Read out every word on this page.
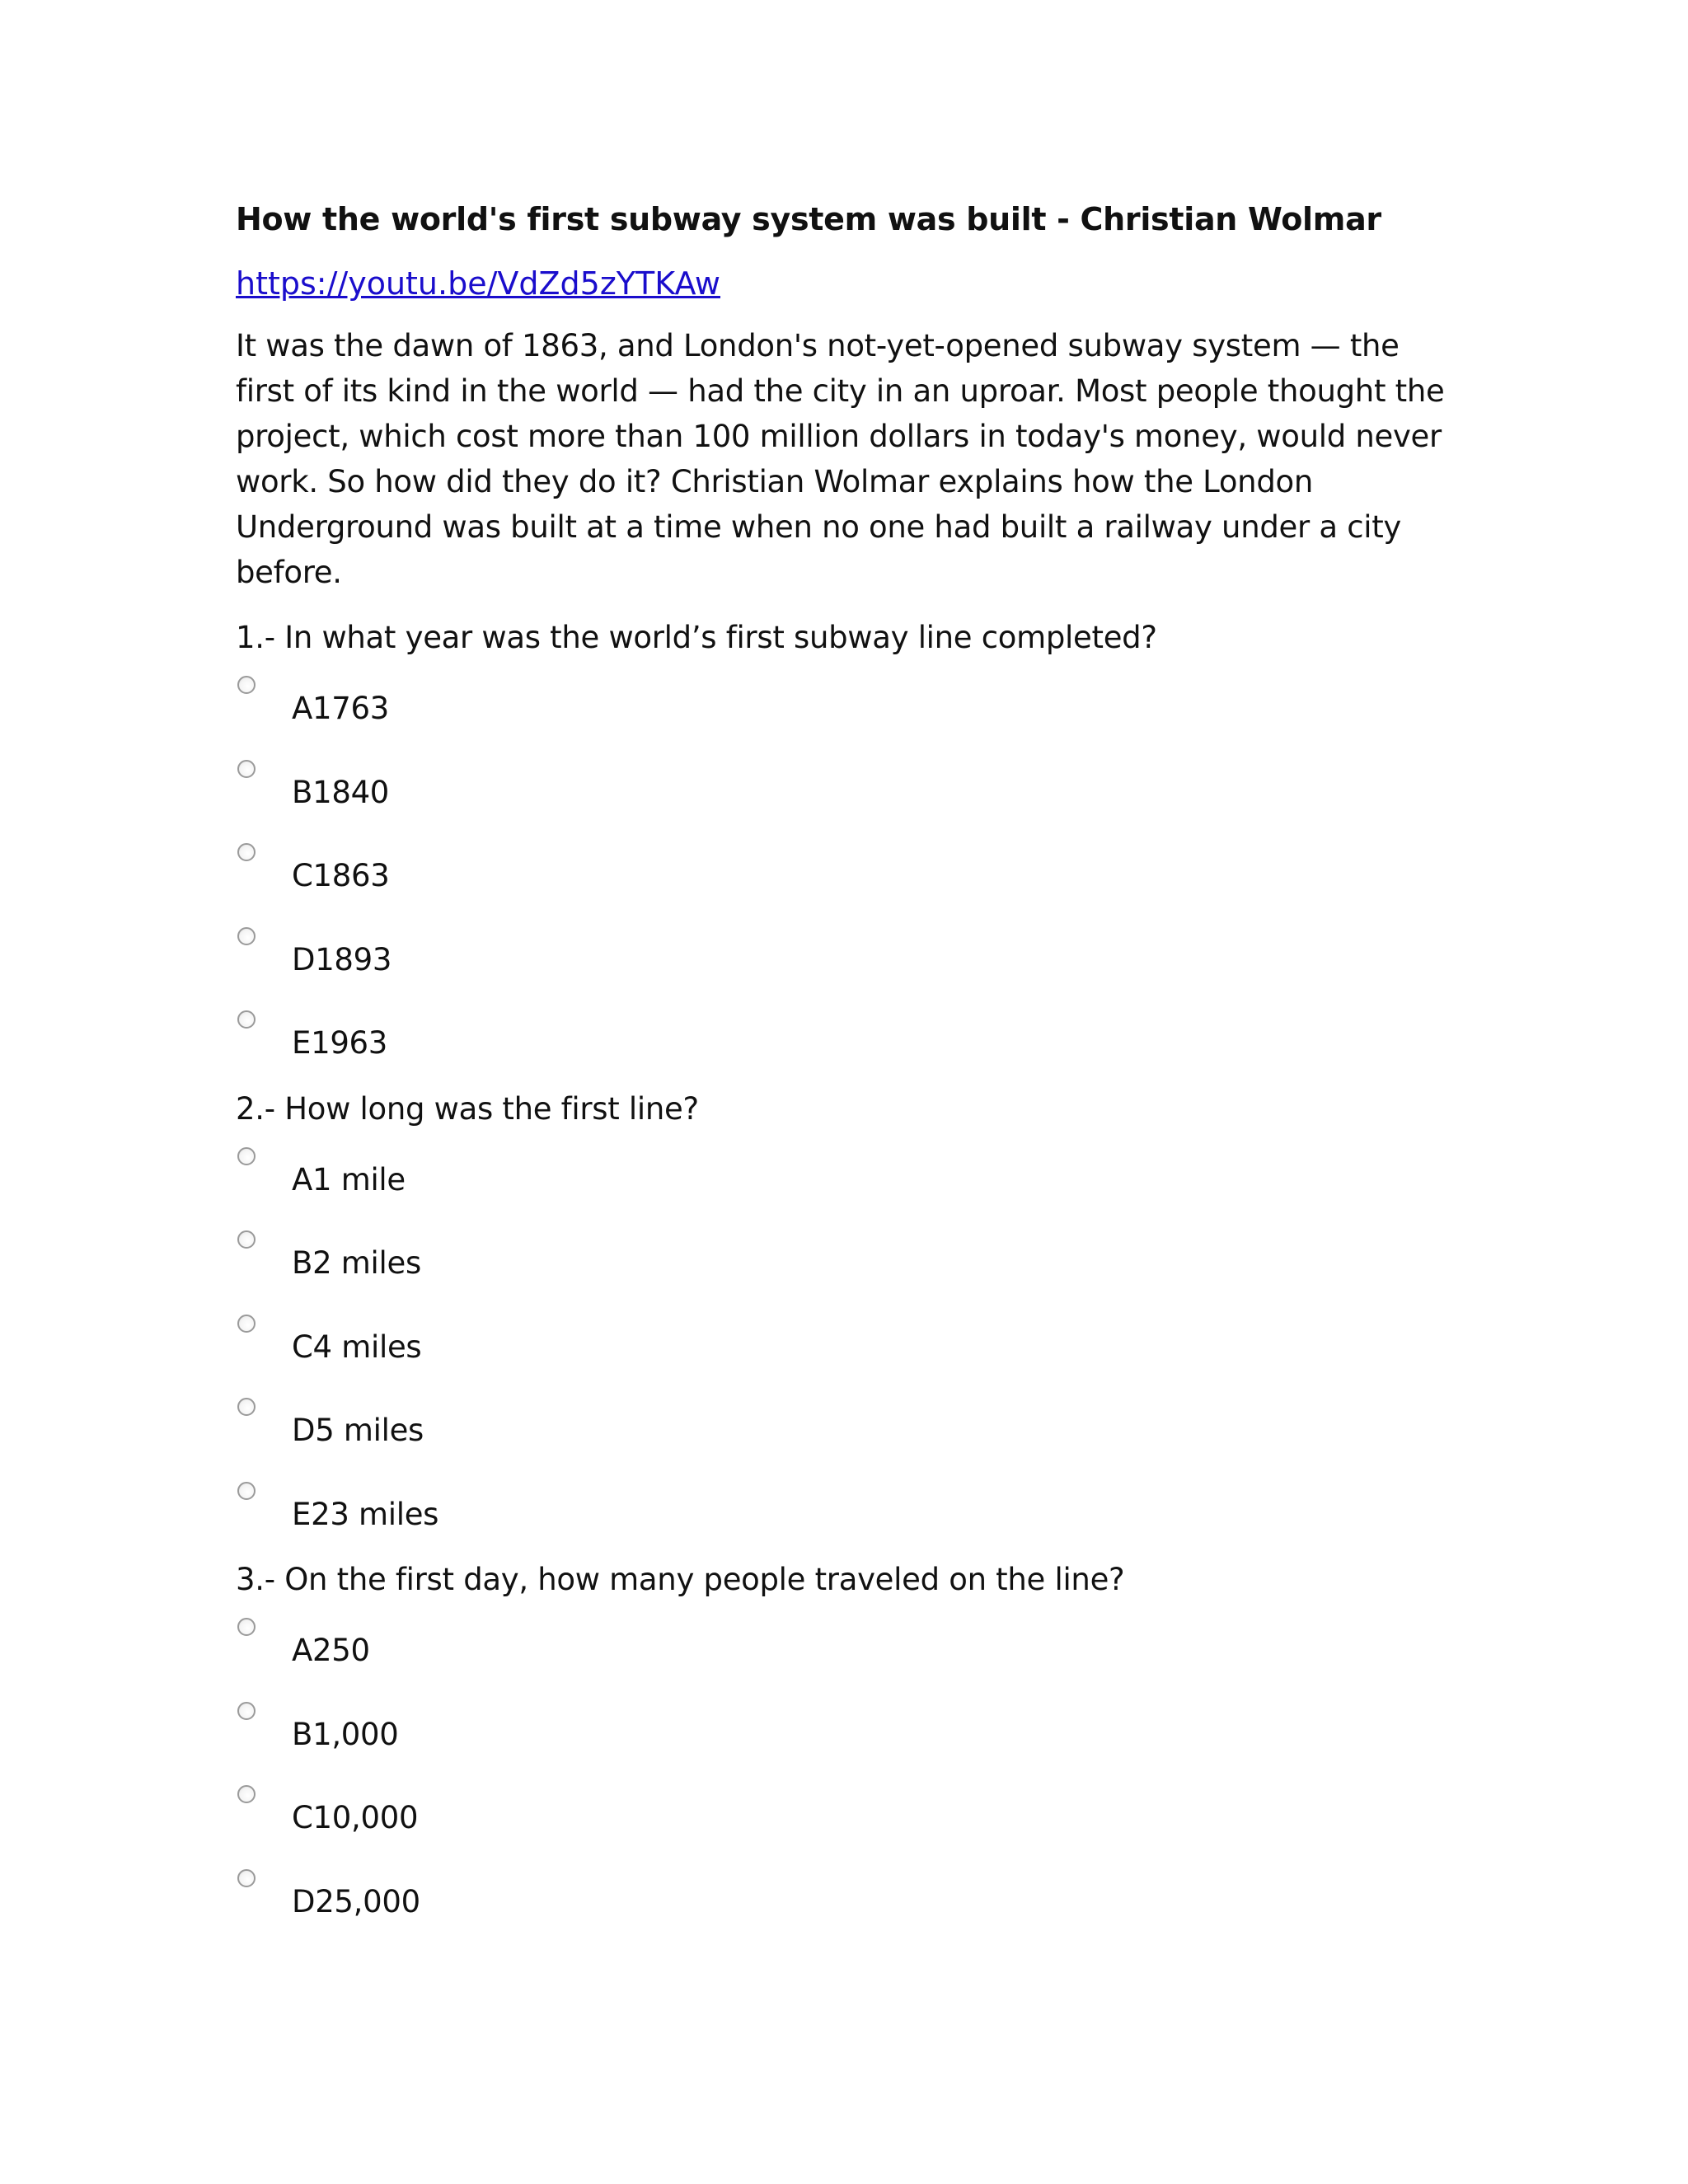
How the world's first subway system was built - Christian Wolmar
https://youtu.be/VdZd5zYTKAw
It was the dawn of 1863, and London's not-yet-opened subway system — the first of its kind in the world — had the city in an uproar. Most people thought the project, which cost more than 100 million dollars in today's money, would never work. So how did they do it? Christian Wolmar explains how the London Underground was built at a time when no one had built a railway under a city before.
1.- In what year was the world’s first subway line completed?
A1763
B1840
C1863
D1893
E1963
2.- How long was the first line?
A1 mile
B2 miles
C4 miles
D5 miles
E23 miles
3.- On the first day, how many people traveled on the line?
A250
B1,000
C10,000
D25,000
